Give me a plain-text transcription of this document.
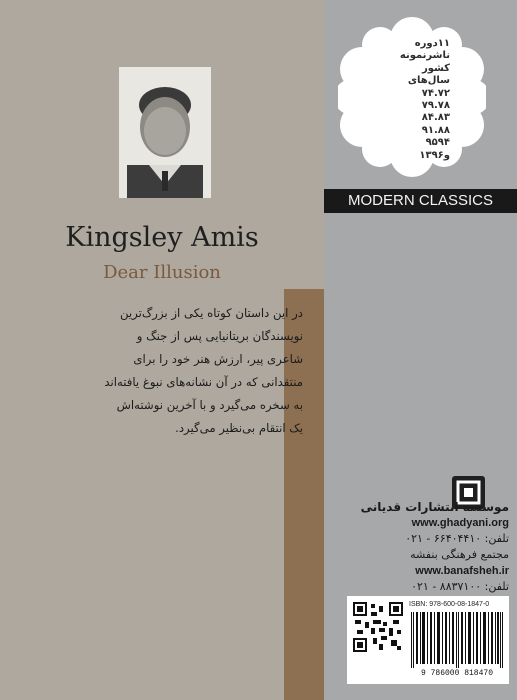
Kingsley Amis
Dear Illusion
در این داستان کوتاه یکی از بزرگ‌ترین
نویسندگان بریتانیایی پس از جنگ و
شاعری پیر، ارزش هنر خود را برای
منتقدانی که در آن نشانه‌های نبوغ یافته‌اند
به سخره می‌گیرد و با آخرین نوشته‌اش
یک انتقام بی‌نظیر می‌گیرد.
۱۱دوره
ناشرنمونه
کشور
سال‌های
۷۴.۷۲
۷۹.۷۸
۸۴.۸۳
۹۱.۸۸
۹۵۹۴
و۱۳۹۶
MODERN CLASSICS
موسسه انتشارات قدیانی
www.ghadyani.org
تلفن: ۶۶۴۰۴۴۱۰ - ۰۲۱
مجتمع فرهنگی بنفشه
www.banafsheh.ir
تلفن: ۸۸۳۷۱۰۰ - ۰۲۱
ISBN: 978-600-08-1847-0
9 786000 818470
